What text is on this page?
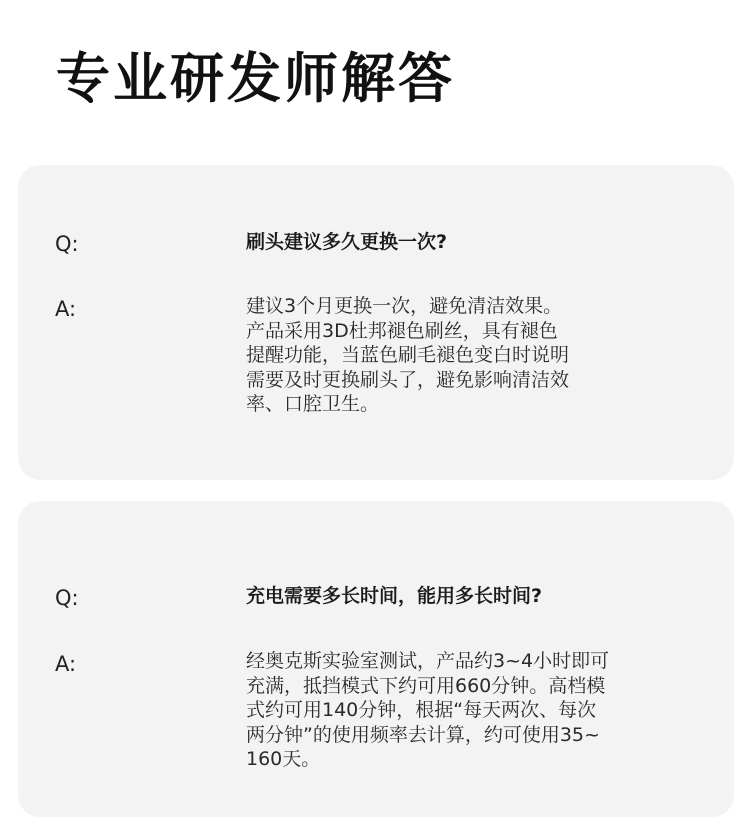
专业研发师解答
Q:	刷头建议多久更换一次?
A:	建议3个月更换一次，避免清洁效果。
产品采用3D杜邦褪色刷丝，具有褪色
提醒功能，当蓝色刷毛褪色变白时说明
需要及时更换刷头了，避免影响清洁效
率、口腔卫生。
Q:	充电需要多长时间，能用多长时间?
A:	经奥克斯实验室测试，产品约3~4小时即可
充满，抵挡模式下约可用660分钟。高档模
式约可用140分钟，根据“每天两次、每次
两分钟”的使用频率去计算，约可使用35~
160天。
